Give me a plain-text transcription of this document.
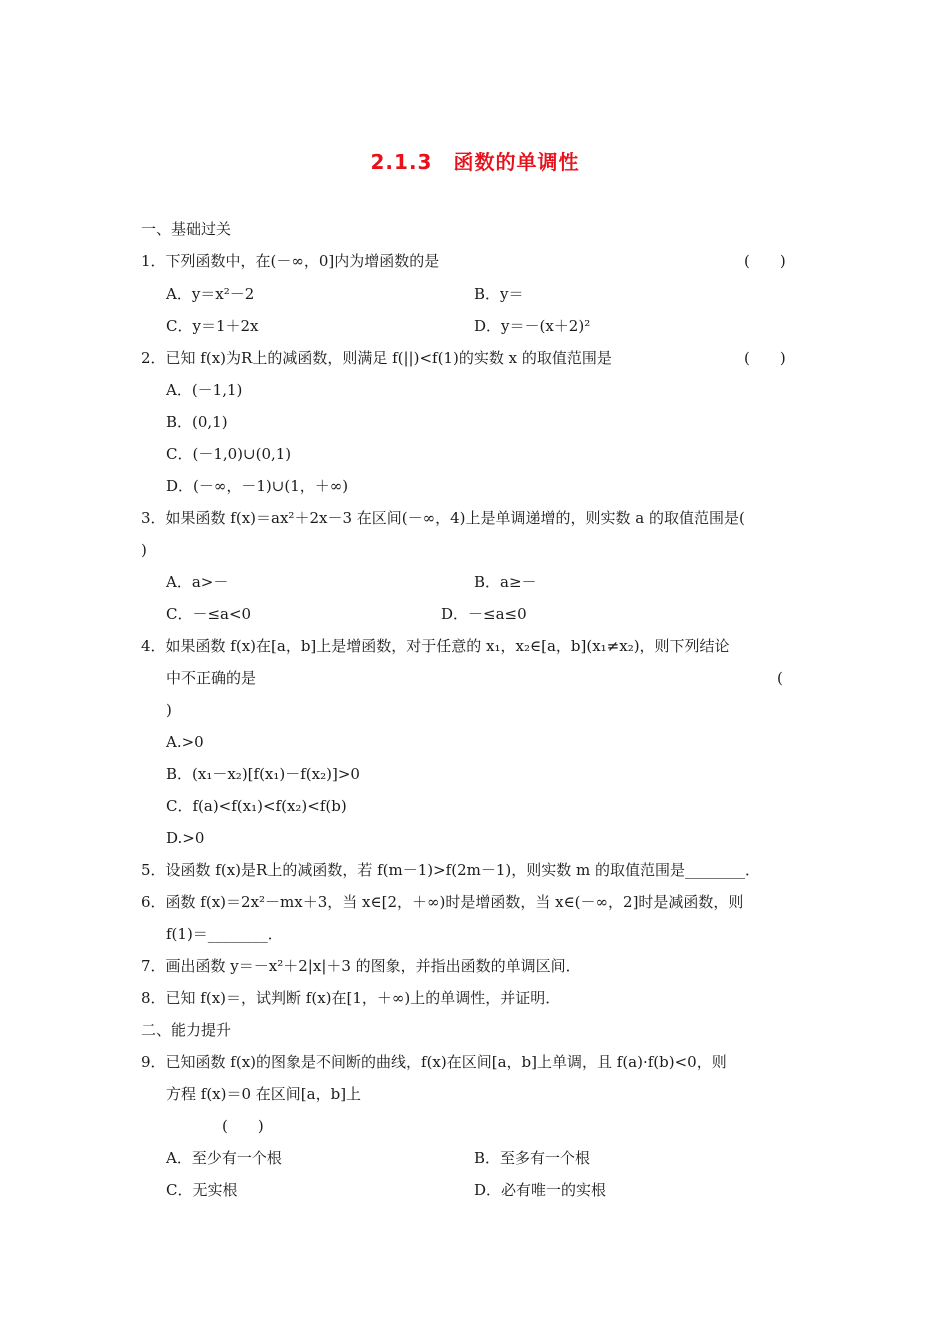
2.1.3　函数的单调性
一、基础过关
1．下列函数中，在(－∞，0]内为增函数的是	(　　)
A．y＝x²－2	B．y＝
C．y＝1＋2x	D．y＝－(x＋2)²
2．已知 f(x)为R上的减函数，则满足 f(||)<f(1)的实数 x 的取值范围是	(　　)
A．(－1,1)
B．(0,1)
C．(－1,0)∪(0,1)
D．(－∞，－1)∪(1，＋∞)
3．如果函数 f(x)＝ax²＋2x－3 在区间(－∞，4)上是单调递增的，则实数 a 的取值范围是(
)
A．a>－	B．a≥－
C．－≤a<0	D．－≤a≤0
4．如果函数 f(x)在[a，b]上是增函数，对于任意的 x₁，x₂∈[a，b](x₁≠x₂)，则下列结论
中不正确的是	(
)
A.>0
B．(x₁－x₂)[f(x₁)－f(x₂)]>0
C．f(a)<f(x₁)<f(x₂)<f(b)
D.>0
5．设函数 f(x)是R上的减函数，若 f(m－1)>f(2m－1)，则实数 m 的取值范围是________．
6．函数 f(x)＝2x²－mx＋3，当 x∈[2，＋∞)时是增函数，当 x∈(－∞，2]时是减函数，则
f(1)＝________．
7．画出函数 y＝－x²＋2|x|＋3 的图象，并指出函数的单调区间．
8．已知 f(x)＝，试判断 f(x)在[1，＋∞)上的单调性，并证明．
二、能力提升
9．已知函数 f(x)的图象是不间断的曲线，f(x)在区间[a，b]上单调，且 f(a)·f(b)<0，则
方程 f(x)＝0 在区间[a，b]上
(　　)
A．至少有一个根	B．至多有一个根
C．无实根	D．必有唯一的实根
